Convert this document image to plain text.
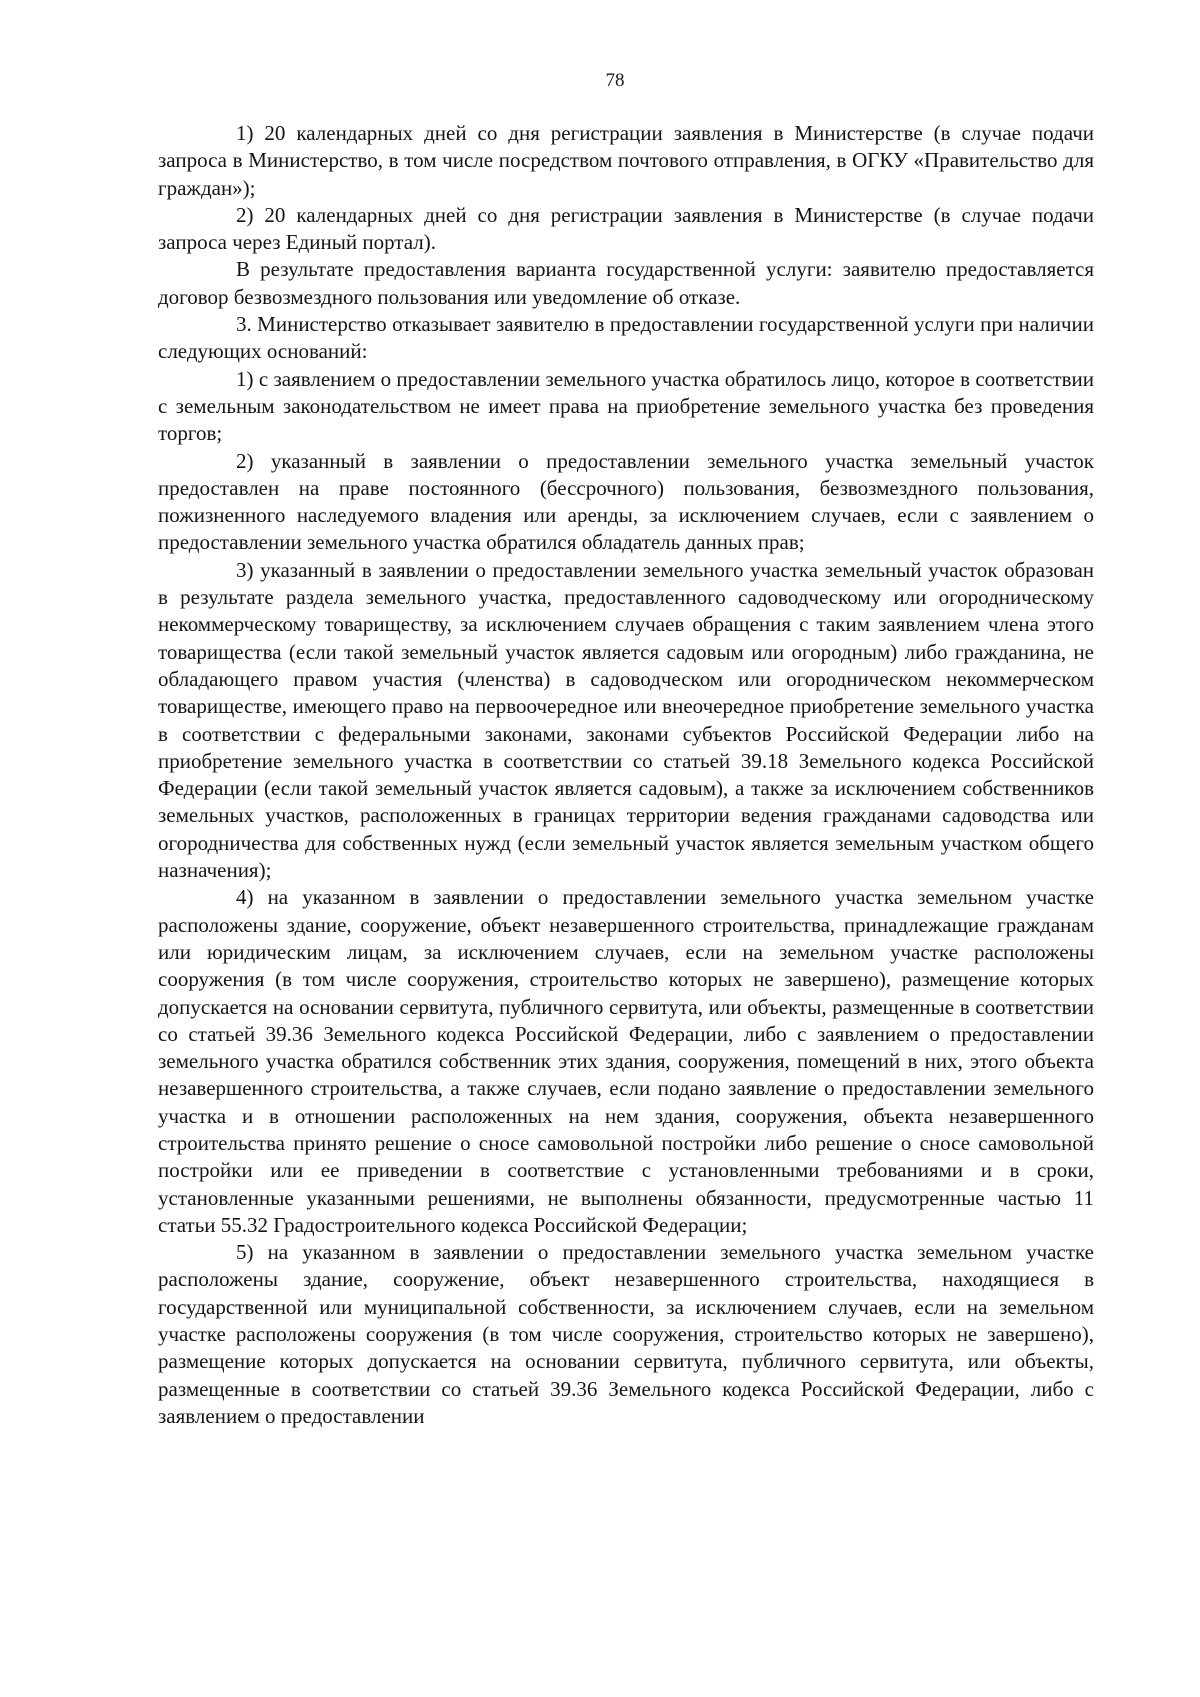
78

1) 20 календарных дней со дня регистрации заявления в Министерстве (в случае подачи запроса в Министерство, в том числе посредством почтового отправления, в ОГКУ «Правительство для граждан»);

2) 20 календарных дней со дня регистрации заявления в Министерстве (в случае подачи запроса через Единый портал).

В результате предоставления варианта государственной услуги: заявителю предоставляется договор безвозмездного пользования или уведомление об отказе.

3. Министерство отказывает заявителю в предоставлении государственной услуги при наличии следующих оснований:

1) с заявлением о предоставлении земельного участка обратилось лицо, которое в соответствии с земельным законодательством не имеет права на приобретение земельного участка без проведения торгов;

2) указанный в заявлении о предоставлении земельного участка земельный участок предоставлен на праве постоянного (бессрочного) пользования, безвозмездного пользования, пожизненного наследуемого владения или аренды, за исключением случаев, если с заявлением о предоставлении земельного участка обратился обладатель данных прав;

3) указанный в заявлении о предоставлении земельного участка земельный участок образован в результате раздела земельного участка, предоставленного садоводческому или огородническому некоммерческому товариществу, за исключением случаев обращения с таким заявлением члена этого товарищества (если такой земельный участок является садовым или огородным) либо гражданина, не обладающего правом участия (членства) в садоводческом или огородническом некоммерческом товариществе, имеющего право на первоочередное или внеочередное приобретение земельного участка в соответствии с федеральными законами, законами субъектов Российской Федерации либо на приобретение земельного участка в соответствии со статьей 39.18 Земельного кодекса Российской Федерации (если такой земельный участок является садовым), а также за исключением собственников земельных участков, расположенных в границах территории ведения гражданами садоводства или огородничества для собственных нужд (если земельный участок является земельным участком общего назначения);

4) на указанном в заявлении о предоставлении земельного участка земельном участке расположены здание, сооружение, объект незавершенного строительства, принадлежащие гражданам или юридическим лицам, за исключением случаев, если на земельном участке расположены сооружения (в том числе сооружения, строительство которых не завершено), размещение которых допускается на основании сервитута, публичного сервитута, или объекты, размещенные в соответствии со статьей 39.36 Земельного кодекса Российской Федерации, либо с заявлением о предоставлении земельного участка обратился собственник этих здания, сооружения, помещений в них, этого объекта незавершенного строительства, а также случаев, если подано заявление о предоставлении земельного участка и в отношении расположенных на нем здания, сооружения, объекта незавершенного строительства принято решение о сносе самовольной постройки либо решение о сносе самовольной постройки или ее приведении в соответствие с установленными требованиями и в сроки, установленные указанными решениями, не выполнены обязанности, предусмотренные частью 11 статьи 55.32 Градостроительного кодекса Российской Федерации;

5) на указанном в заявлении о предоставлении земельного участка земельном участке расположены здание, сооружение, объект незавершенного строительства, находящиеся в государственной или муниципальной собственности, за исключением случаев, если на земельном участке расположены сооружения (в том числе сооружения, строительство которых не завершено), размещение которых допускается на основании сервитута, публичного сервитута, или объекты, размещенные в соответствии со статьей 39.36 Земельного кодекса Российской Федерации, либо с заявлением о предоставлении
